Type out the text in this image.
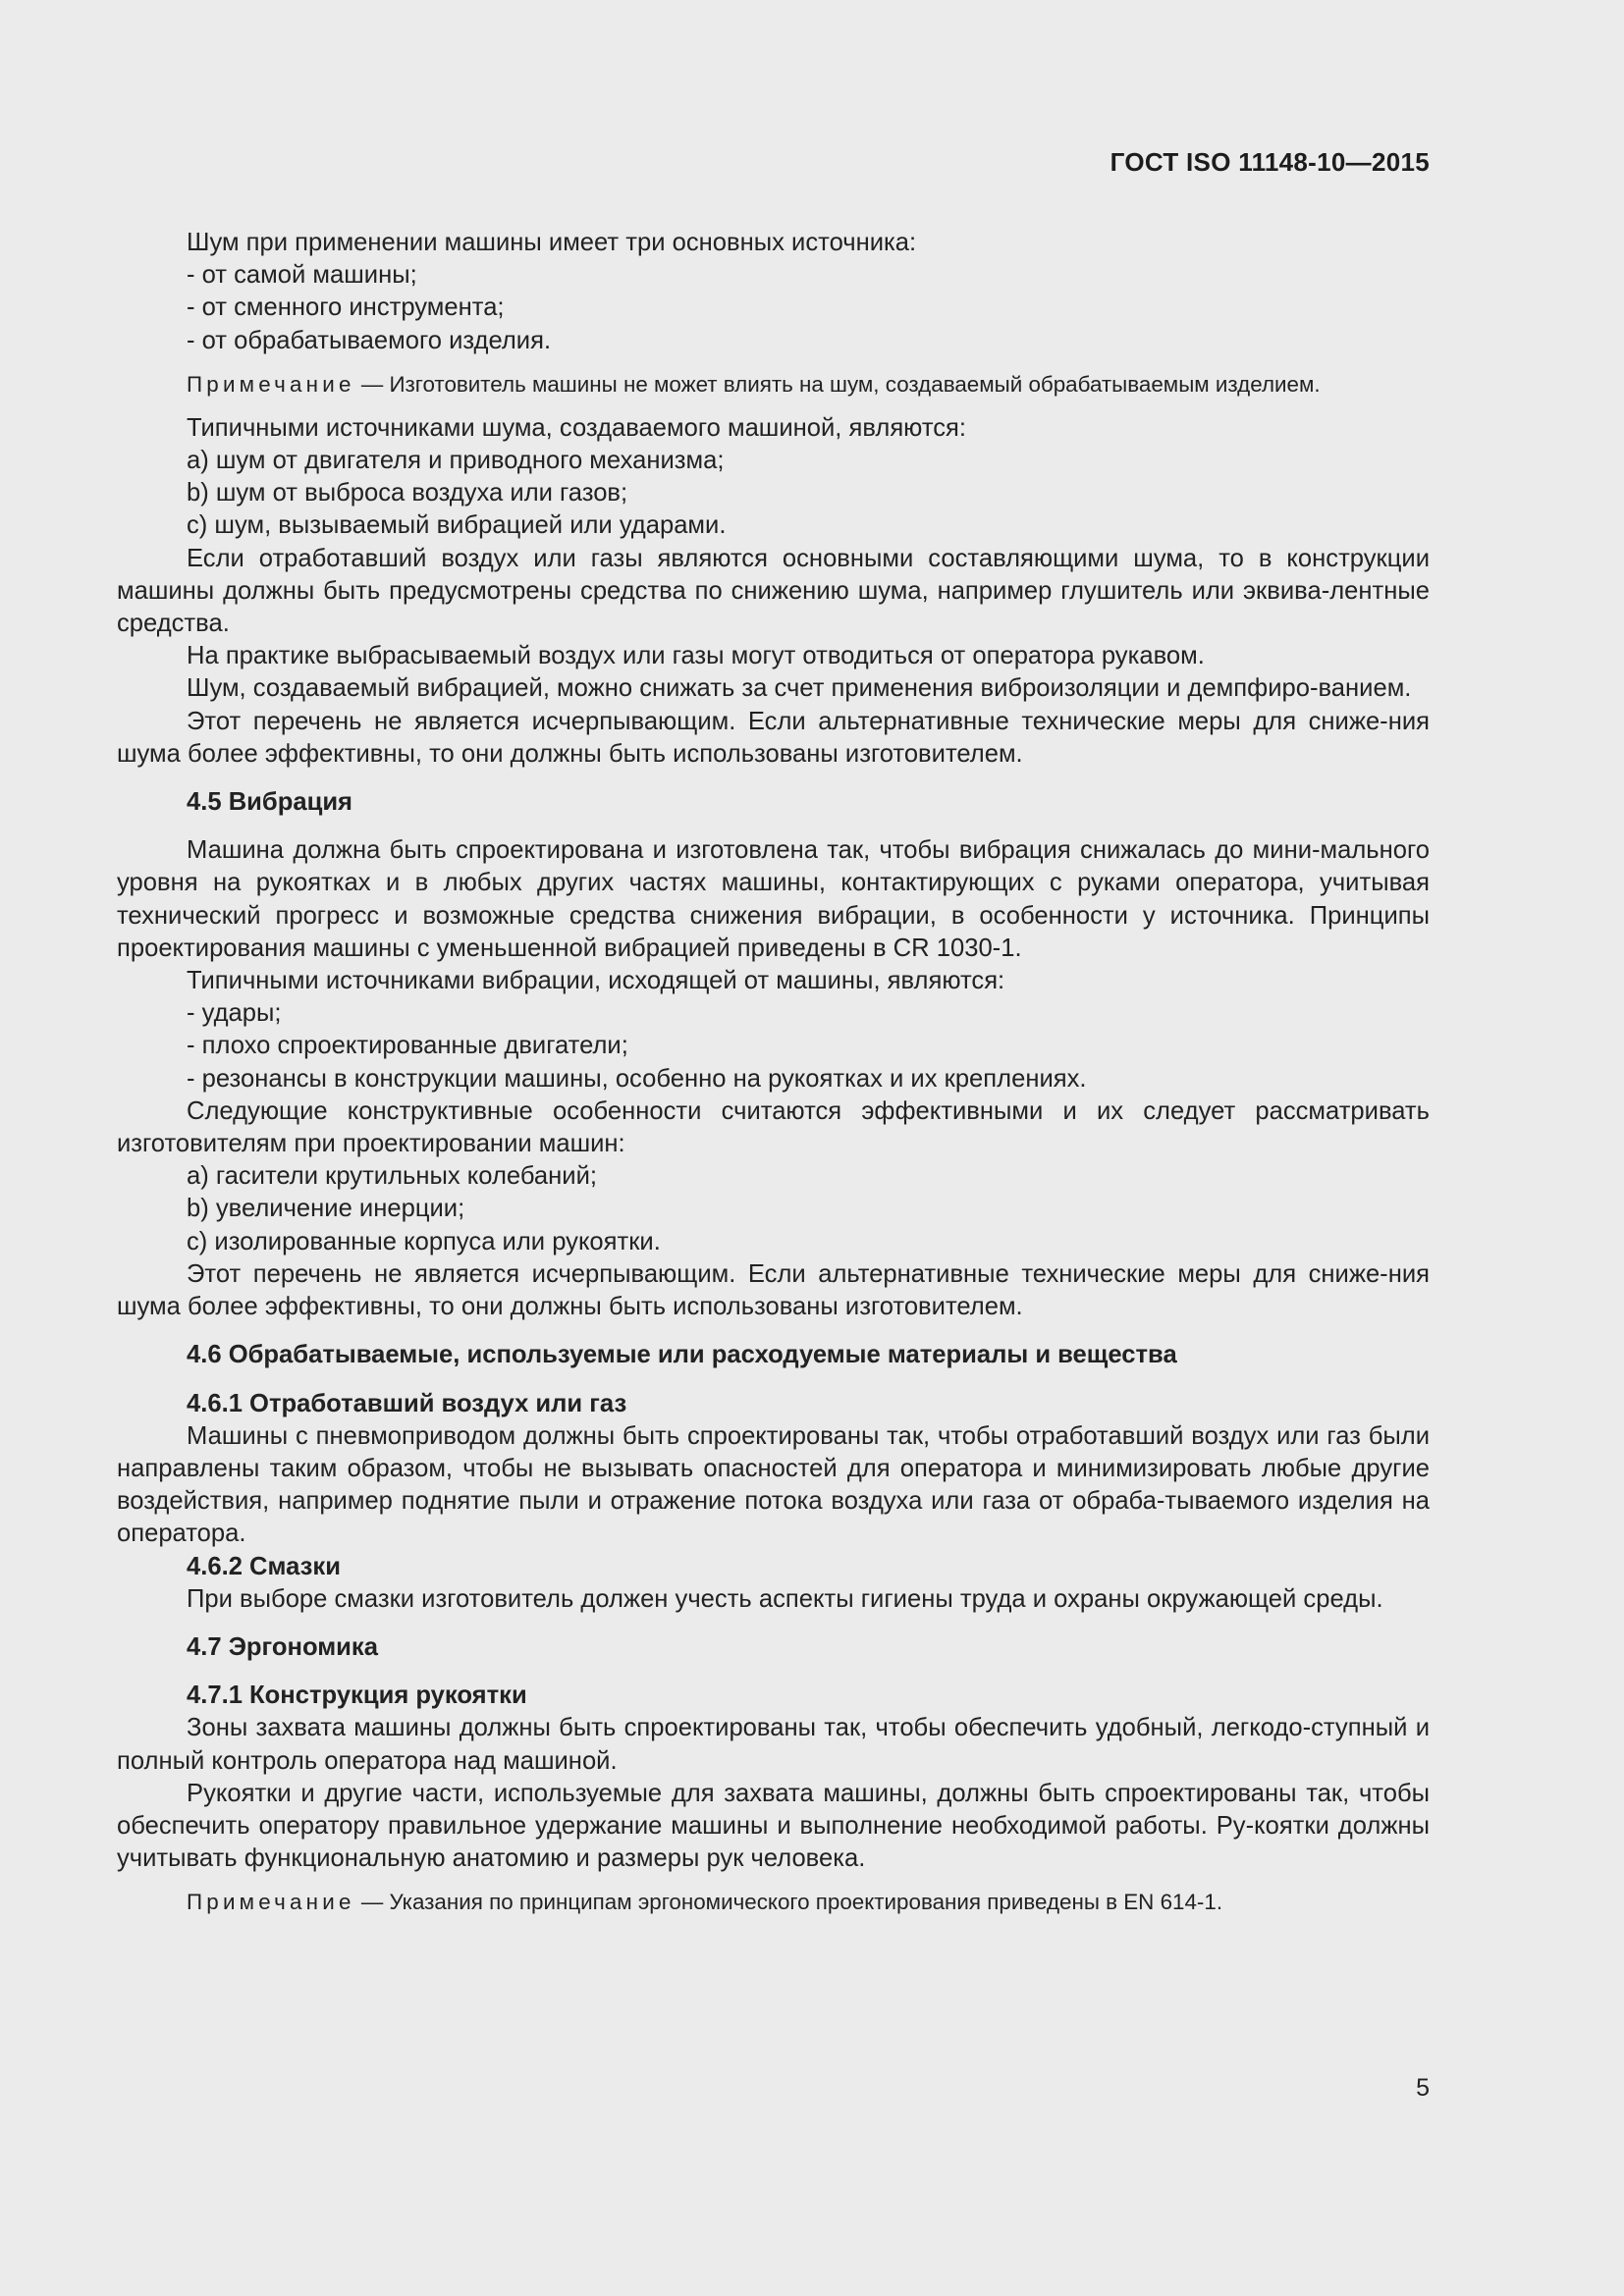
ГОСТ ISO 11148-10—2015

Шум при применении машины имеет три основных источника:

- от самой машины;

- от сменного инструмента;

- от обрабатываемого изделия.

Примечание — Изготовитель машины не может влиять на шум, создаваемый обрабатываемым изделием.

Типичными источниками шума, создаваемого машиной, являются:

a) шум от двигателя и приводного механизма;

b) шум от выброса воздуха или газов;

c) шум, вызываемый вибрацией или ударами.

Если отработавший воздух или газы являются основными составляющими шума, то в конструкции машины должны быть предусмотрены средства по снижению шума, например глушитель или эквива-лентные средства.

На практике выбрасываемый воздух или газы могут отводиться от оператора рукавом.

Шум, создаваемый вибрацией, можно снижать за счет применения виброизоляции и демпфиро-ванием.

Этот перечень не является исчерпывающим. Если альтернативные технические меры для сниже-ния шума более эффективны, то они должны быть использованы изготовителем.

4.5 Вибрация

Машина должна быть спроектирована и изготовлена так, чтобы вибрация снижалась до мини-мального уровня на рукоятках и в любых других частях машины, контактирующих с руками оператора, учитывая технический прогресс и возможные средства снижения вибрации, в особенности у источника. Принципы проектирования машины с уменьшенной вибрацией приведены в CR 1030-1.

Типичными источниками вибрации, исходящей от машины, являются:

- удары;

- плохо спроектированные двигатели;

- резонансы в конструкции машины, особенно на рукоятках и их креплениях.

Следующие конструктивные особенности считаются эффективными и их следует рассматривать изготовителям при проектировании машин:

a) гасители крутильных колебаний;

b) увеличение инерции;

c) изолированные корпуса или рукоятки.

Этот перечень не является исчерпывающим. Если альтернативные технические меры для сниже-ния шума более эффективны, то они должны быть использованы изготовителем.

4.6 Обрабатываемые, используемые или расходуемые материалы и вещества

4.6.1 Отработавший воздух или газ

Машины с пневмоприводом должны быть спроектированы так, чтобы отработавший воздух или газ были направлены таким образом, чтобы не вызывать опасностей для оператора и минимизировать любые другие воздействия, например поднятие пыли и отражение потока воздуха или газа от обраба-тываемого изделия на оператора.

4.6.2 Смазки

При выборе смазки изготовитель должен учесть аспекты гигиены труда и охраны окружающей среды.

4.7 Эргономика

4.7.1 Конструкция рукоятки

Зоны захвата машины должны быть спроектированы так, чтобы обеспечить удобный, легкодо-ступный и полный контроль оператора над машиной.

Рукоятки и другие части, используемые для захвата машины, должны быть спроектированы так, чтобы обеспечить оператору правильное удержание машины и выполнение необходимой работы. Ру-коятки должны учитывать функциональную анатомию и размеры рук человека.

Примечание — Указания по принципам эргономического проектирования приведены в EN 614-1.

5
